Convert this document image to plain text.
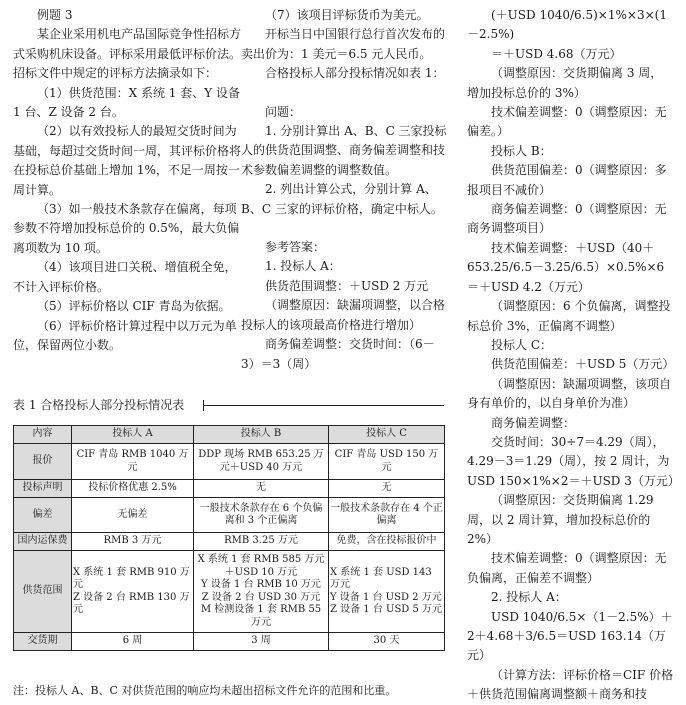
例题 3

某企业采用机电产品国际竞争性招标方式采购机床设备。评标采用最低评标价法。招标文件中规定的评标方法摘录如下：

（1）供货范围：X 系统 1 套、Y 设备 1 台、Z 设备 2 台。

（2）以有效投标人的最短交货时间为基础，每超过交货时间一周，其评标价格将在投标总价基础上增加 1%，不足一周按一周计算。

（3）如一般技术条款存在偏离，每项参数不符增加投标总价的 0.5%，最大负偏离项数为 10 项。

（4）该项目进口关税、增值税全免，不计入评标价格。

（5）评标价格以 CIF 青岛为依据。

（6）评标价格计算过程中以万元为单位，保留两位小数。

（7）该项目评标货币为美元。

开标当日中国银行总行首次发布的卖出价为：1 美元＝6.5 元人民币。

合格投标人部分投标情况如表 1：

问题：

1. 分别计算出 A、B、C 三家投标人的供货范围调整、商务偏差调整和技术参数偏差调整的调整数值。

2. 列出计算公式，分别计算 A、B、C 三家的评标价格，确定中标人。

参考答案：

1. 投标人 A：

供货范围调整：＋USD 2 万元

（调整原因：缺漏项调整，以合格投标人的该项最高价格进行增加）

商务偏差调整：交货时间：（6－3）＝3（周）

(＋USD 1040/6.5)×1%×3×(1－2.5%)

＝＋USD 4.68（万元）

（调整原因：交货期偏离 3 周，增加投标总价的 3%）

技术偏差调整：0（调整原因：无偏差。）

投标人 B：

供货范围偏差：0（调整原因：多报项目不减价）

商务偏差调整：0（调整原因：无商务调整项目）

技术偏差调整：＋USD（40＋653.25/6.5－3.25/6.5）×0.5%×6＝＋USD 4.2（万元）

（调整原因：6 个负偏离，调整投标总价 3%，正偏离不调整）

投标人 C：

供货范围偏差：＋USD 5（万元）

（调整原因：缺漏项调整，该项自身有单价的，以自身单价为准）

商务偏差调整：

交货时间：30÷7＝4.29（周），4.29－3＝1.29（周），按 2 周计，为 USD 150×1%×2＝＋USD 3（万元）

（调整原因：交货期偏离 1.29 周，以 2 周计算，增加投标总价的 2%）

技术偏差调整：0（调整原因：无负偏离，正偏差不调整）

2. 投标人 A：

USD 1040/6.5×（1－2.5%）＋2＋4.68＋3/6.5＝USD 163.14（万元）

（计算方法：评标价格＝CIF 价格＋供货范围偏离调整额＋商务和技

表 1 合格投标人部分投标情况表
内容	投标人 A	投标人 B	投标人 C
报价	CIF 青岛 RMB 1040 万元	DDP 现场 RMB 653.25 万元＋USD 40 万元	CIF 青岛 USD 150 万元
投标声明	投标价格优惠 2.5%	无	无
偏差	无偏差	一般技术条款存在 6 个负偏离和 3 个正偏离	一般技术条款存在 4 个正偏离
国内运保费	RMB 3 万元	RMB 3.25 万元	免费，含在投标报价中
供货范围	X 系统 1 套 RMB 910 万元
Z 设备 2 台 RMB 130 万元	X 系统 1 套 RMB 585 万元＋USD 10 万元
Y 设备 1 台 RMB 10 万元
Z 设备 2 台 USD 30 万元
M 检测设备 1 套 RMB 55 万元	X 系统 1 套 USD 143 万元
Y 设备 1 台 USD 2 万元
Z 设备 1 台 USD 5 万元
交货期	6 周	3 周	30 天
注：投标人 A、B、C 对供货范围的响应均未超出招标文件允许的范围和比重。
